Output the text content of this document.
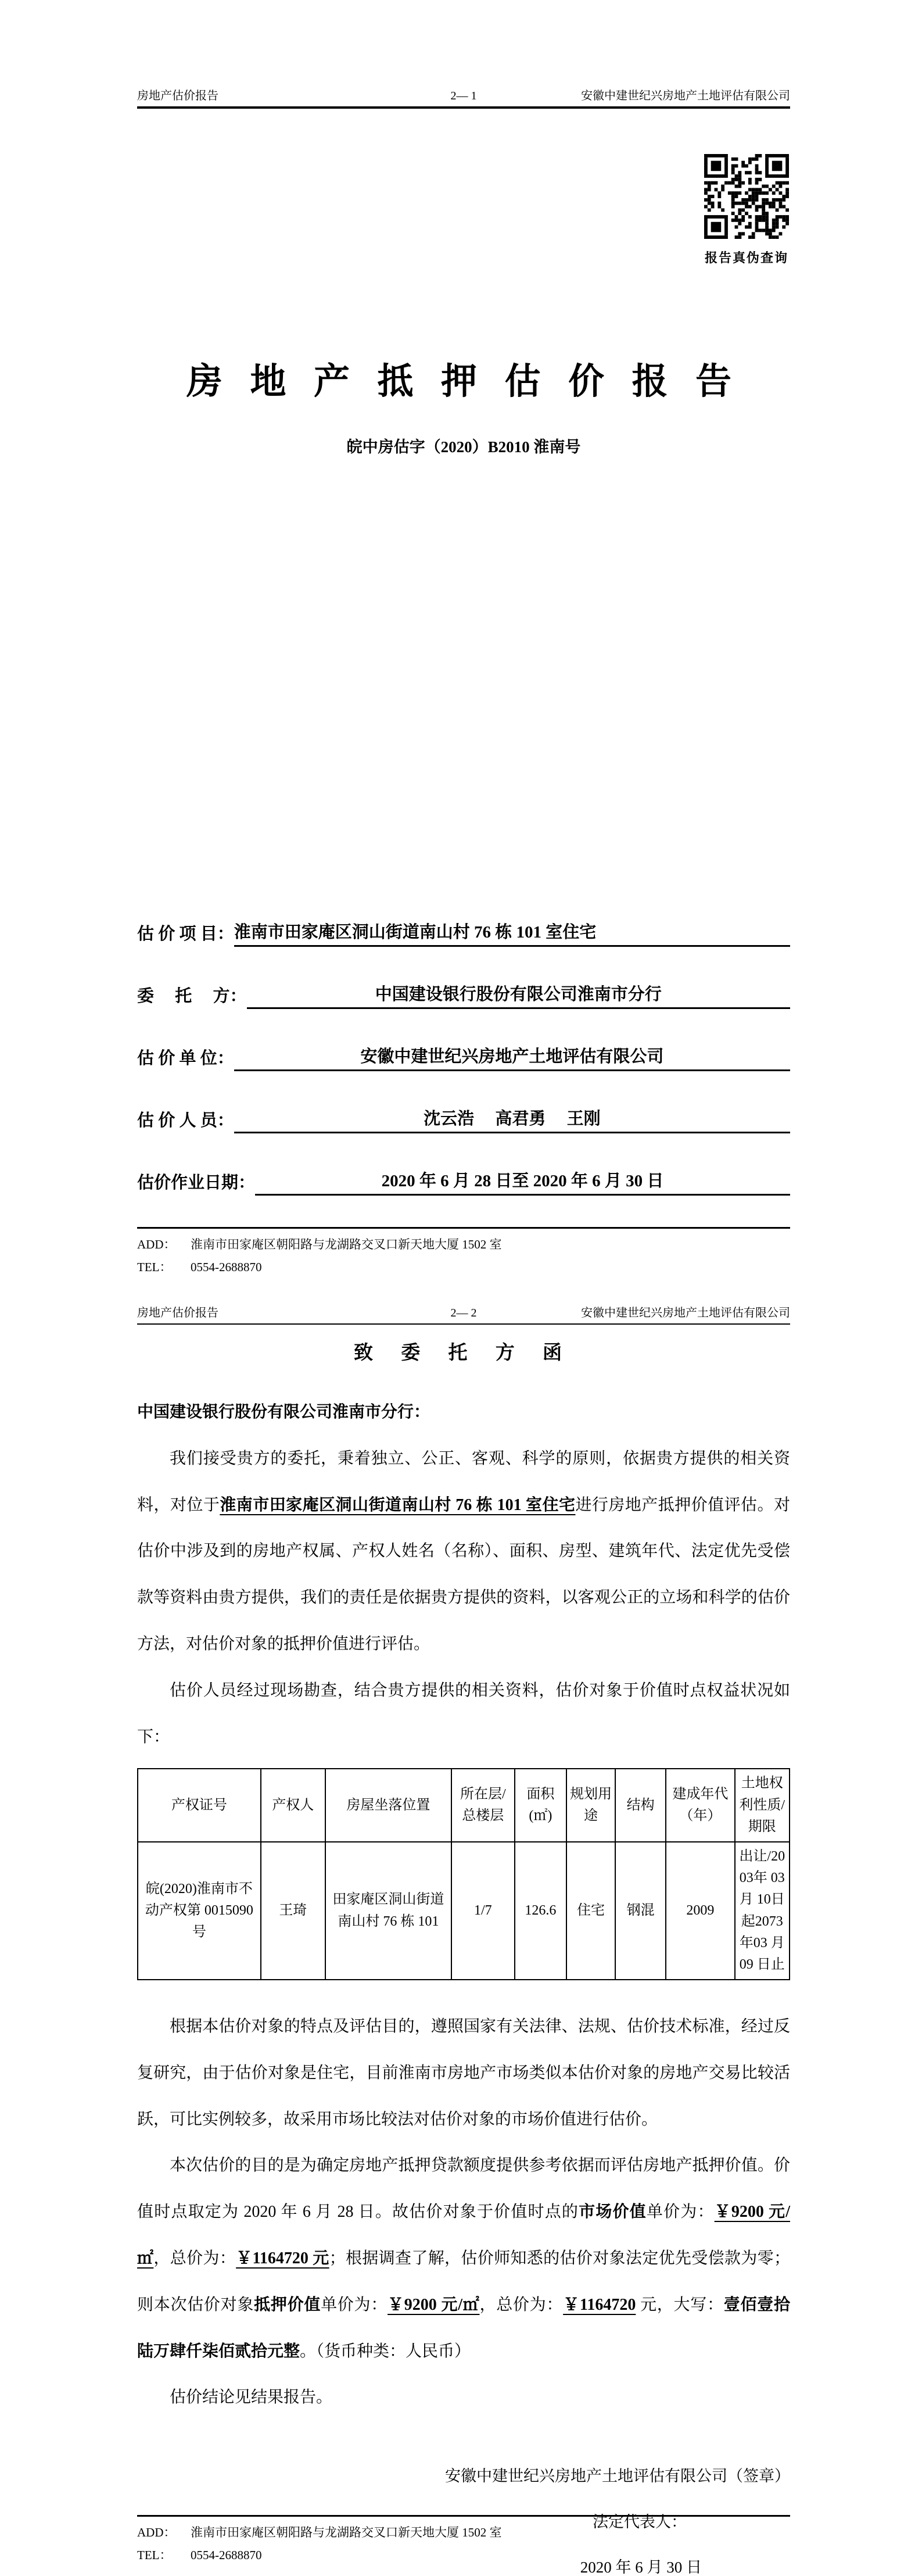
房地产估价报告	2— 1	安徽中建世纪兴房地产土地评估有限公司
报告真伪查询
房 地 产 抵 押 估 价 报 告
皖中房估字（2020）B2010 淮南号
估 价 项 目： 淮南市田家庵区洞山街道南山村 76 栋 101 室住宅
委　 托 　方：	中国建设银行股份有限公司淮南市分行
估 价 单 位：	安徽中建世纪兴房地产土地评估有限公司
估 价 人 员：	沈云浩　 高君勇　 王刚
估价作业日期：	2020 年 6 月 28 日至 2020 年 6 月 30 日
ADD：	淮南市田家庵区朝阳路与龙湖路交叉口新天地大厦 1502 室
TEL：	0554-2688870
房地产估价报告	2— 2	安徽中建世纪兴房地产土地评估有限公司
致 委 托 方 函
中国建设银行股份有限公司淮南市分行：

我们接受贵方的委托，秉着独立、公正、客观、科学的原则，依据贵方提供的相关资料，对位于淮南市田家庵区洞山街道南山村 76 栋 101 室住宅进行房地产抵押价值评估。对估价中涉及到的房地产权属、产权人姓名（名称）、面积、房型、建筑年代、法定优先受偿款等资料由贵方提供，我们的责任是依据贵方提供的资料，以客观公正的立场和科学的估价方法，对估价对象的抵押价值进行评估。

估价人员经过现场勘查，结合贵方提供的相关资料，估价对象于价值时点权益状况如下：

产权证号	产权人	房屋坐落位置	所在层/总楼层	面积(㎡)	规划用途	结构	建成年代（年）	土地权利性质/期限
皖(2020)淮南市不动产权第 0015090 号	王琦	田家庵区洞山街道南山村 76 栋 101	1/7	126.6	住宅	钢混	2009	出让/2003年 03 月 10日起2073年03 月 09 日止

根据本估价对象的特点及评估目的，遵照国家有关法律、法规、估价技术标准，经过反复研究，由于估价对象是住宅，目前淮南市房地产市场类似本估价对象的房地产交易比较活跃，可比实例较多，故采用市场比较法对估价对象的市场价值进行估价。

本次估价的目的是为确定房地产抵押贷款额度提供参考依据而评估房地产抵押价值。价值时点取定为 2020 年 6 月 28 日。故估价对象于价值时点的市场价值单价为：￥9200 元/㎡，总价为：￥1164720 元；根据调查了解，估价师知悉的估价对象法定优先受偿款为零；则本次估价对象抵押价值单价为：￥9200 元/㎡，总价为：￥1164720 元，大写：壹佰壹拾陆万肆仟柒佰贰拾元整。（货币种类：人民币）

估价结论见结果报告。

安徽中建世纪兴房地产土地评估有限公司（签章）
法定代表人：
2020 年 6 月 30 日
ADD：	淮南市田家庵区朝阳路与龙湖路交叉口新天地大厦 1502 室
TEL：	0554-2688870
